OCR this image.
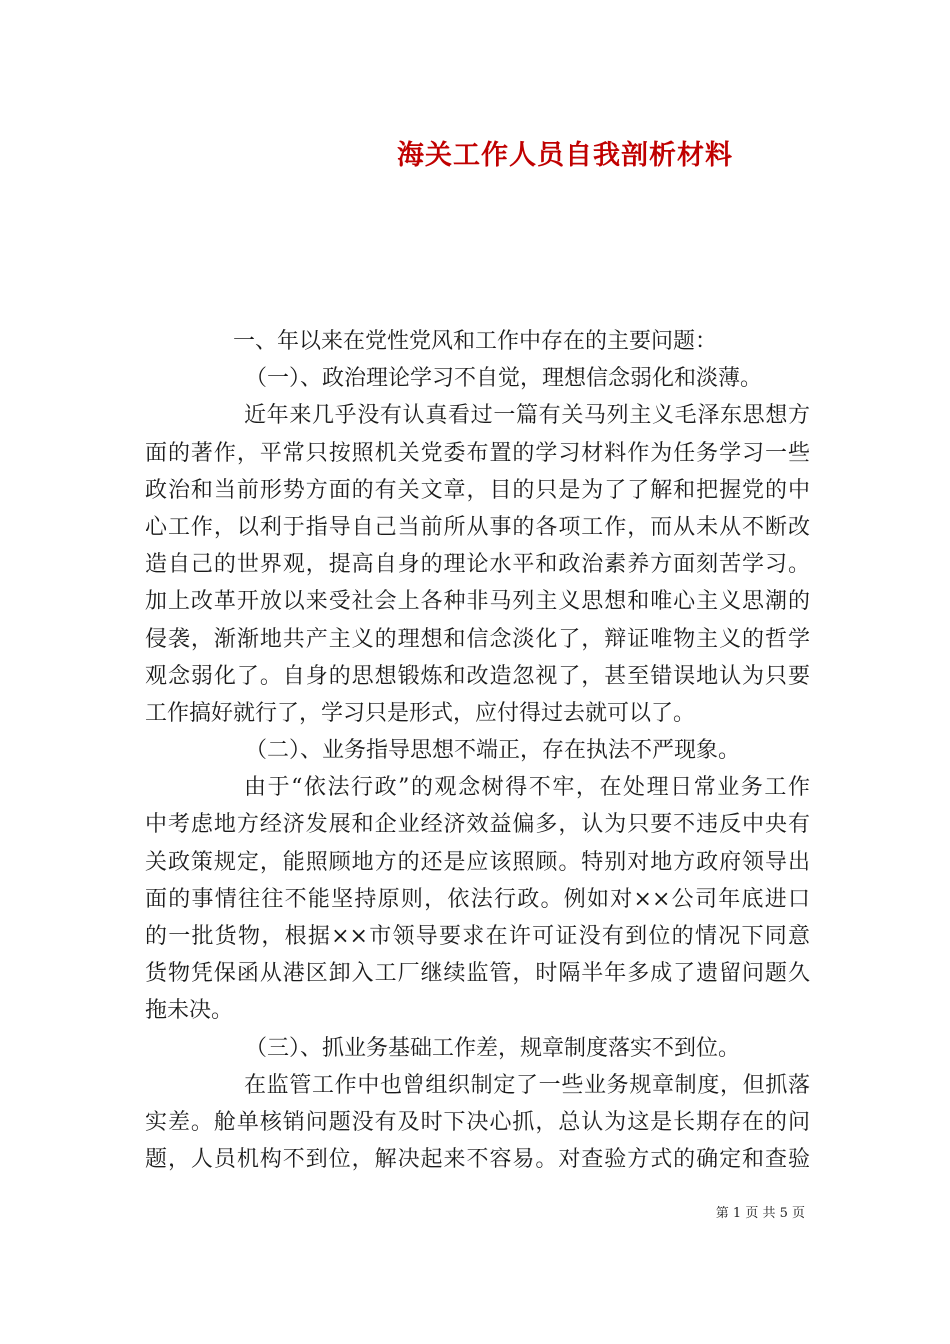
海关工作人员自我剖析材料
一、年以来在党性党风和工作中存在的主要问题：
（一）、政治理论学习不自觉，理想信念弱化和淡薄。
近年来几乎没有认真看过一篇有关马列主义毛泽东思想方
面的著作，平常只按照机关党委布置的学习材料作为任务学习一些
政治和当前形势方面的有关文章，目的只是为了了解和把握党的中
心工作，以利于指导自己当前所从事的各项工作，而从未从不断改
造自己的世界观，提高自身的理论水平和政治素养方面刻苦学习。
加上改革开放以来受社会上各种非马列主义思想和唯心主义思潮的
侵袭，渐渐地共产主义的理想和信念淡化了，辩证唯物主义的哲学
观念弱化了。自身的思想锻炼和改造忽视了，甚至错误地认为只要
工作搞好就行了，学习只是形式，应付得过去就可以了。
（二）、业务指导思想不端正，存在执法不严现象。
由于“依法行政”的观念树得不牢，在处理日常业务工作
中考虑地方经济发展和企业经济效益偏多，认为只要不违反中央有
关政策规定，能照顾地方的还是应该照顾。特别对地方政府领导出
面的事情往往不能坚持原则，依法行政。例如对××公司年底进口
的一批货物，根据××市领导要求在许可证没有到位的情况下同意
货物凭保函从港区卸入工厂继续监管，时隔半年多成了遗留问题久
拖未决。
（三）、抓业务基础工作差，规章制度落实不到位。
在监管工作中也曾组织制定了一些业务规章制度，但抓落
实差。舱单核销问题没有及时下决心抓，总认为这是长期存在的问
题，人员机构不到位，解决起来不容易。对查验方式的确定和查验
第 1 页 共 5 页
